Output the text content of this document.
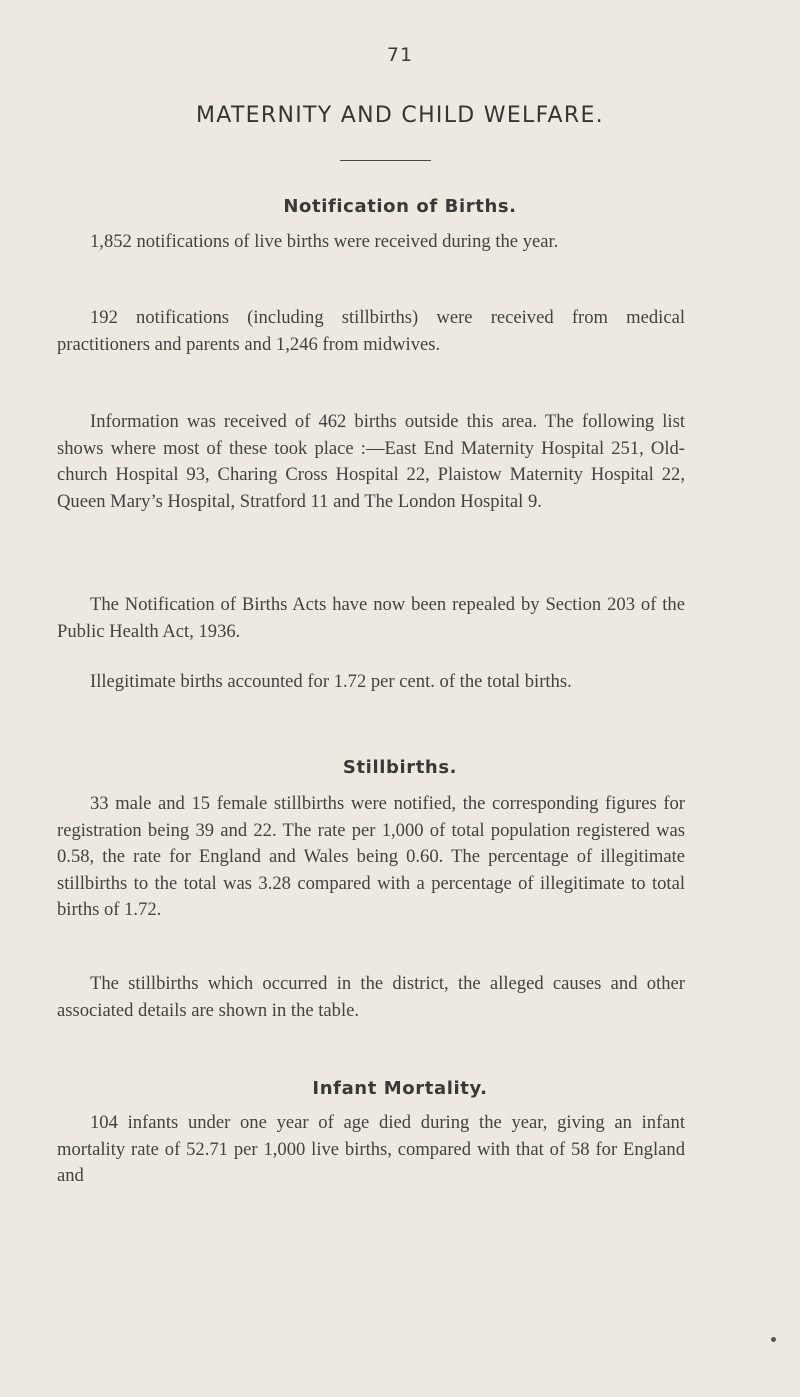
71
MATERNITY AND CHILD WELFARE.
Notification of Births.

1,852 notifications of live births were received during the year.

192 notifications (including stillbirths) were received from medical practitioners and parents and 1,246 from midwives.

Information was received of 462 births outside this area. The following list shows where most of these took place :—East End Maternity Hospital 251, Old-church Hospital 93, Charing Cross Hospital 22, Plaistow Maternity Hospital 22, Queen Mary’s Hospital, Stratford 11 and The London Hospital 9.

The Notification of Births Acts have now been repealed by Section 203 of the Public Health Act, 1936.

Illegitimate births accounted for 1.72 per cent. of the total births.

Stillbirths.

33 male and 15 female stillbirths were notified, the corresponding figures for registration being 39 and 22. The rate per 1,000 of total population registered was 0.58, the rate for England and Wales being 0.60. The percentage of illegitimate stillbirths to the total was 3.28 compared with a percentage of illegitimate to total births of 1.72.

The stillbirths which occurred in the district, the alleged causes and other associated details are shown in the table.

Infant Mortality.

104 infants under one year of age died during the year, giving an infant mortality rate of 52.71 per 1,000 live births, compared with that of 58 for England and
